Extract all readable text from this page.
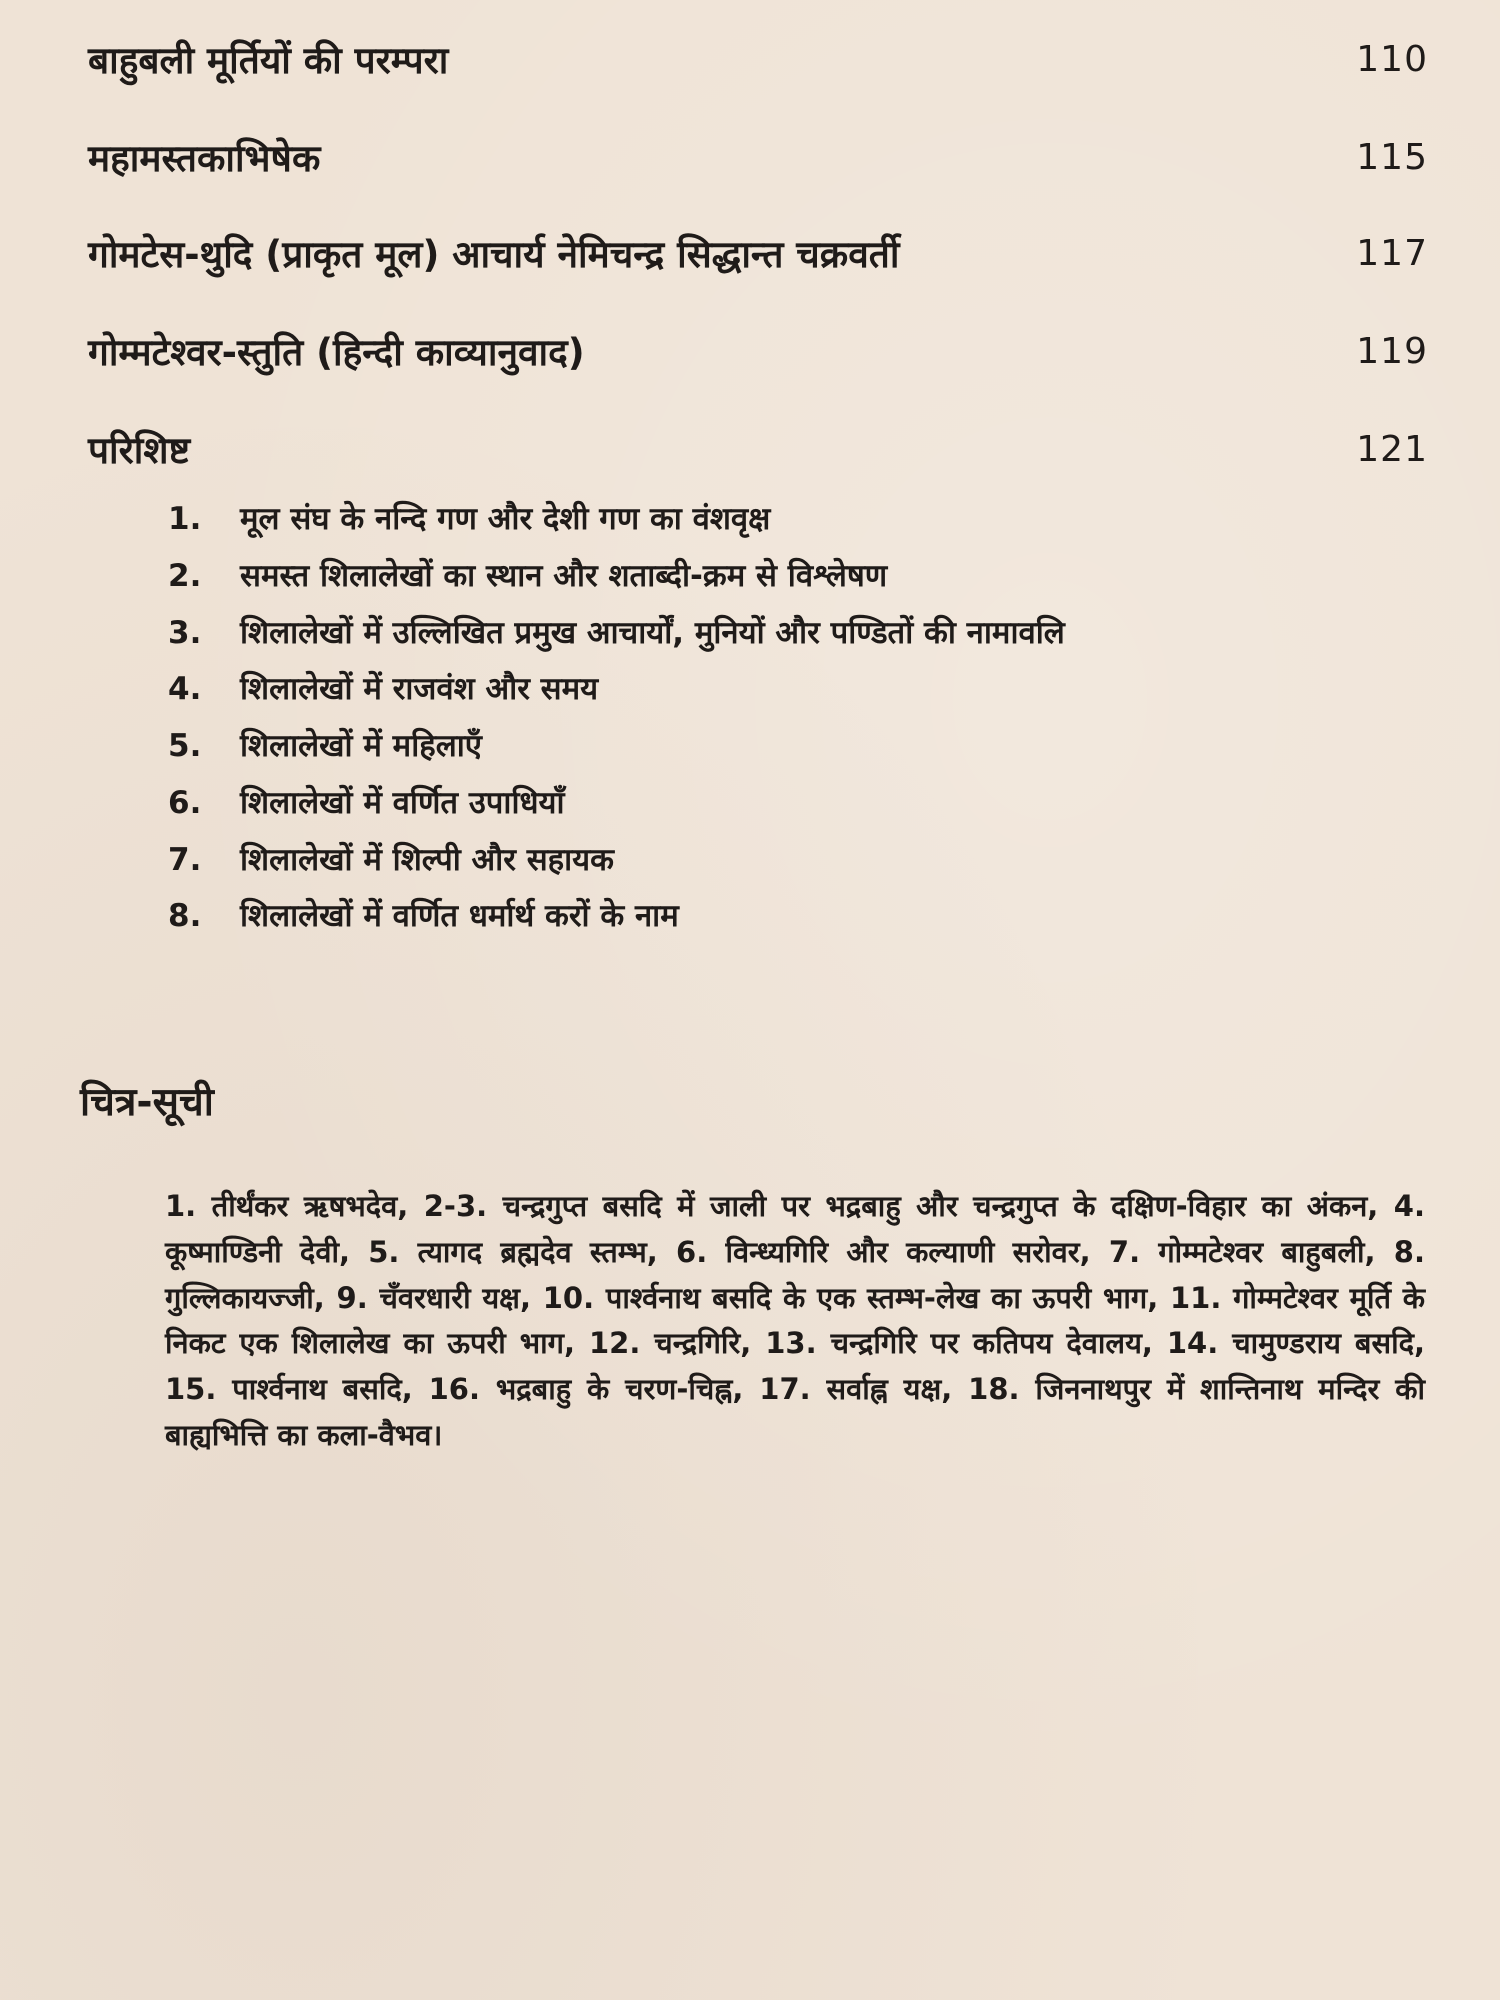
बाहुबली मूर्तियों की परम्परा	110
महामस्तकाभिषेक	115
गोमटेस-थुदि (प्राकृत मूल) आचार्य नेमिचन्द्र सिद्धान्त चक्रवर्ती	117
गोम्मटेश्वर-स्तुति (हिन्दी काव्यानुवाद)	119
परिशिष्ट	121
1.	मूल संघ के नन्दि गण और देशी गण का वंशवृक्ष
2.	समस्त शिलालेखों का स्थान और शताब्दी-क्रम से विश्लेषण
3.	शिलालेखों में उल्लिखित प्रमुख आचार्यों, मुनियों और पण्डितों की नामावलि
4.	शिलालेखों में राजवंश और समय
5.	शिलालेखों में महिलाएँ
6.	शिलालेखों में वर्णित उपाधियाँ
7.	शिलालेखों में शिल्पी और सहायक
8.	शिलालेखों में वर्णित धर्मार्थ करों के नाम
चित्र-सूची

1. तीर्थंकर ऋषभदेव, 2-3. चन्द्रगुप्त बसदि में जाली पर भद्रबाहु और चन्द्रगुप्त के दक्षिण-विहार का अंकन, 4. कूष्माण्डिनी देवी, 5. त्यागद ब्रह्मदेव स्तम्भ, 6. विन्ध्यगिरि और कल्याणी सरोवर, 7. गोम्मटेश्वर बाहुबली, 8. गुल्लिकायज्जी, 9. चँवरधारी यक्ष, 10. पार्श्वनाथ बसदि के एक स्तम्भ-लेख का ऊपरी भाग, 11. गोम्मटेश्वर मूर्ति के निकट एक शिलालेख का ऊपरी भाग, 12. चन्द्रगिरि, 13. चन्द्रगिरि पर कतिपय देवालय, 14. चामुण्डराय बसदि, 15. पार्श्वनाथ बसदि, 16. भद्रबाहु के चरण-चिह्न, 17. सर्वाह्न यक्ष, 18. जिननाथपुर में शान्तिनाथ मन्दिर की बाह्यभित्ति का कला-वैभव।
